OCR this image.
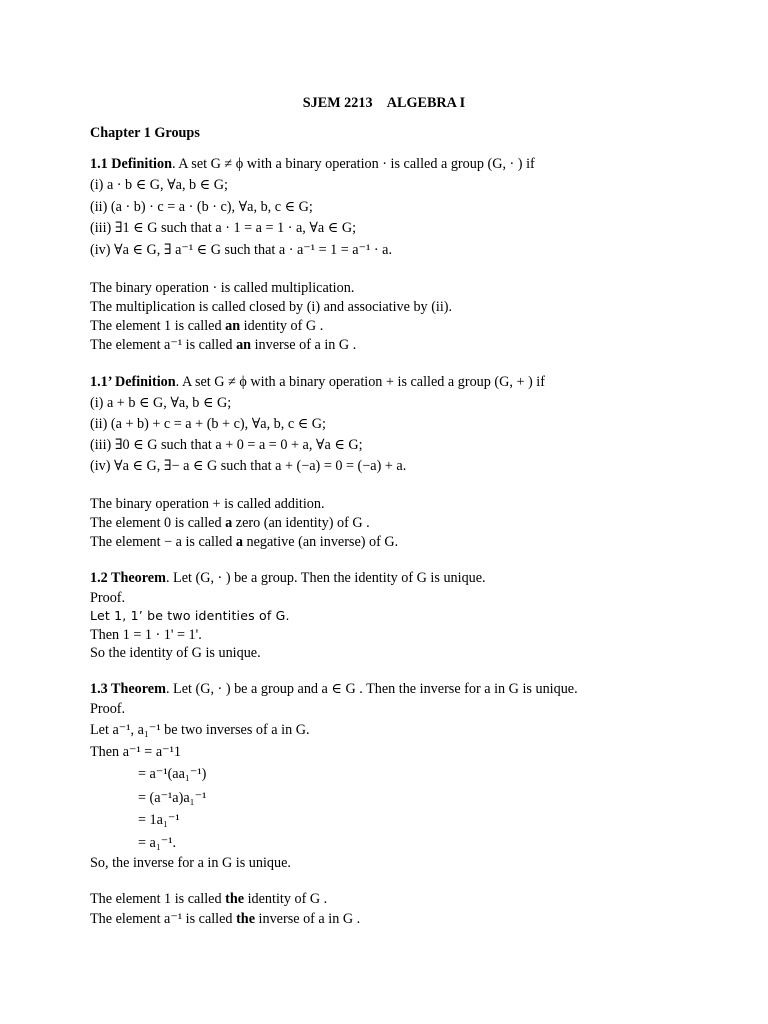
SJEM 2213 ALGEBRA I
Chapter 1 Groups
1.1 Definition. A set G ≠ ϕ with a binary operation · is called a group (G, · ) if
(i) a · b ∈ G, ∀a, b ∈ G;
(ii) (a · b) · c = a · (b · c), ∀a, b, c ∈ G;
(iii) ∃1 ∈ G such that a · 1 = a = 1 · a, ∀a ∈ G;
(iv) ∀a ∈ G, ∃ a⁻¹ ∈ G such that a · a⁻¹ = 1 = a⁻¹ · a.
The binary operation · is called multiplication.
The multiplication is called closed by (i) and associative by (ii).
The element 1 is called an identity of G .
The element a⁻¹ is called an inverse of a in G .
1.1’ Definition. A set G ≠ ϕ with a binary operation + is called a group (G, + ) if
(i) a + b ∈ G, ∀a, b ∈ G;
(ii) (a + b) + c = a + (b + c), ∀a, b, c ∈ G;
(iii) ∃0 ∈ G such that a + 0 = a = 0 + a, ∀a ∈ G;
(iv) ∀a ∈ G, ∃− a ∈ G such that a + (−a) = 0 = (−a) + a.
The binary operation + is called addition.
The element 0 is called a zero (an identity) of G .
The element − a is called a negative (an inverse) of G.
1.2 Theorem. Let (G, · ) be a group. Then the identity of G is unique.
Proof.
Let 1, 1’ be two identities of G.
Then 1 = 1 · 1' = 1'.
So the identity of G is unique.
1.3 Theorem. Let (G, · ) be a group and a ∈ G . Then the inverse for a in G is unique.
Proof.
Let a⁻¹, a₁⁻¹ be two inverses of a in G.
Then a⁻¹ = a⁻¹1
= a⁻¹(aa₁⁻¹)
= (a⁻¹a)a₁⁻¹
= 1a₁⁻¹
= a₁⁻¹.
So, the inverse for a in G is unique.
The element 1 is called the identity of G .
The element a⁻¹ is called the inverse of a in G .
